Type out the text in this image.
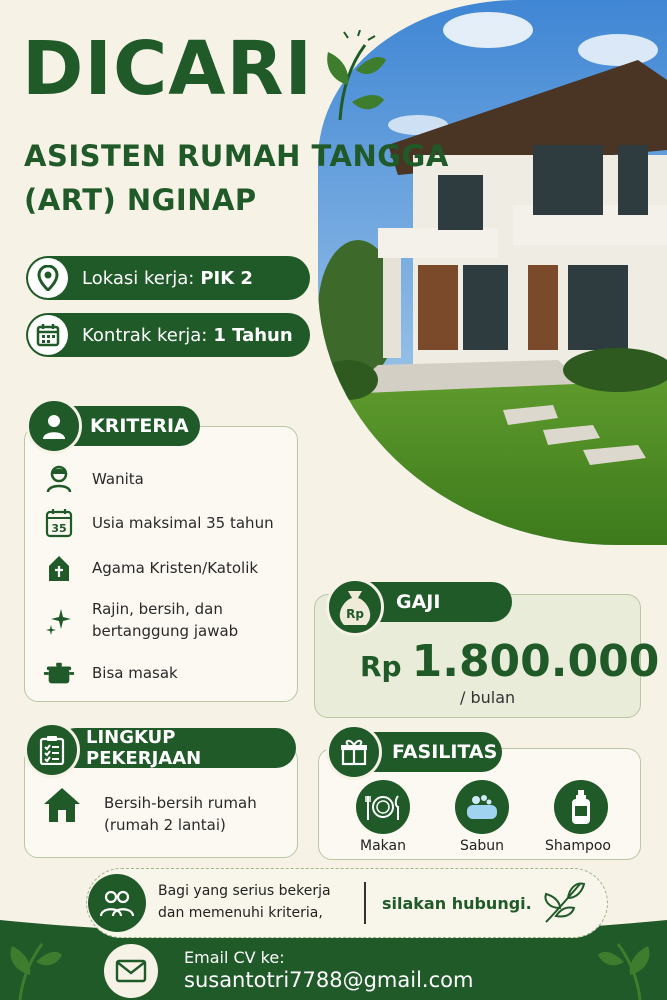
DICARI
ASISTEN RUMAH TANGGA
(ART) NGINAP
Lokasi kerja: PIK 2
Kontrak kerja: 1 Tahun
KRITERIA
Wanita
35 Usia maksimal 35 tahun
Agama Kristen/Katolik
Rajin, bersih, dan
bertanggung jawab
Bisa masak
GAJI
Rp
Rp 1.800.000
/ bulan
LINGKUP PEKERJAAN
Bersih-bersih rumah
(rumah 2 lantai)
FASILITAS
Makan	Sabun	Shampoo
Bagi yang serius bekerja
dan memenuhi kriteria,	silakan hubungi.
Email CV ke:
susantotri7788@gmail.com
